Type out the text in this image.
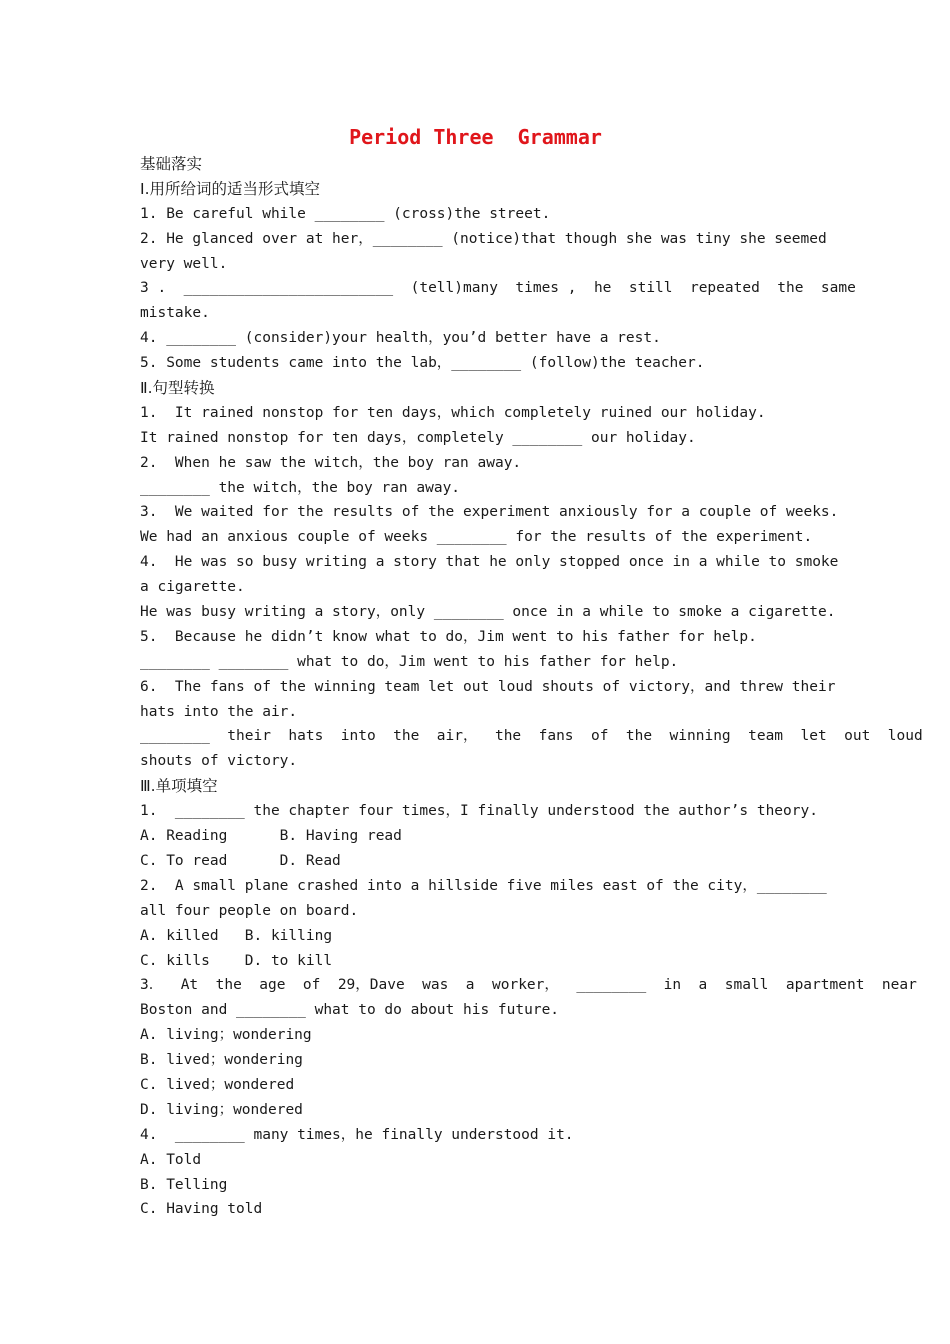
Period Three  Grammar
基础落实
Ⅰ.用所给词的适当形式填空
1. Be careful while ________ (cross)the street.
2. He glanced over at her，________ (notice)that though she was tiny she seemed
very well.
3 .  ________________________  (tell)many  times ,  he  still  repeated  the  same
mistake.
4. ________ (consider)your health，you’d better have a rest.
5. Some students came into the lab，________ (follow)the teacher.
Ⅱ.句型转换
1.  It rained nonstop for ten days，which completely ruined our holiday.
It rained nonstop for ten days，completely ________ our holiday.
2.  When he saw the witch，the boy ran away.
________ the witch，the boy ran away.
3.  We waited for the results of the experiment anxiously for a couple of weeks.
We had an anxious couple of weeks ________ for the results of the experiment.
4.  He was so busy writing a story that he only stopped once in a while to smoke
a cigarette.
He was busy writing a story，only ________ once in a while to smoke a cigarette.
5.  Because he didn’t know what to do，Jim went to his father for help.
________ ________ what to do，Jim went to his father for help.
6.  The fans of the winning team let out loud shouts of victory，and threw their
hats into the air.
________  their  hats  into  the  air，  the  fans  of  the  winning  team  let  out  loud
shouts of victory.
Ⅲ.单项填空
1.  ________ the chapter four times，I finally understood the author’s theory.
A. Reading      B. Having read
C. To read      D. Read
2.  A small plane crashed into a hillside five miles east of the city，________
all four people on board.
A. killed   B. killing
C. kills    D. to kill
3．  At  the  age  of  29，Dave  was  a  worker，  ________  in  a  small  apartment  near
Boston and ________ what to do about his future.
A. living；wondering
B. lived；wondering
C. lived；wondered
D. living；wondered
4.  ________ many times，he finally understood it.
A. Told
B. Telling
C. Having told
